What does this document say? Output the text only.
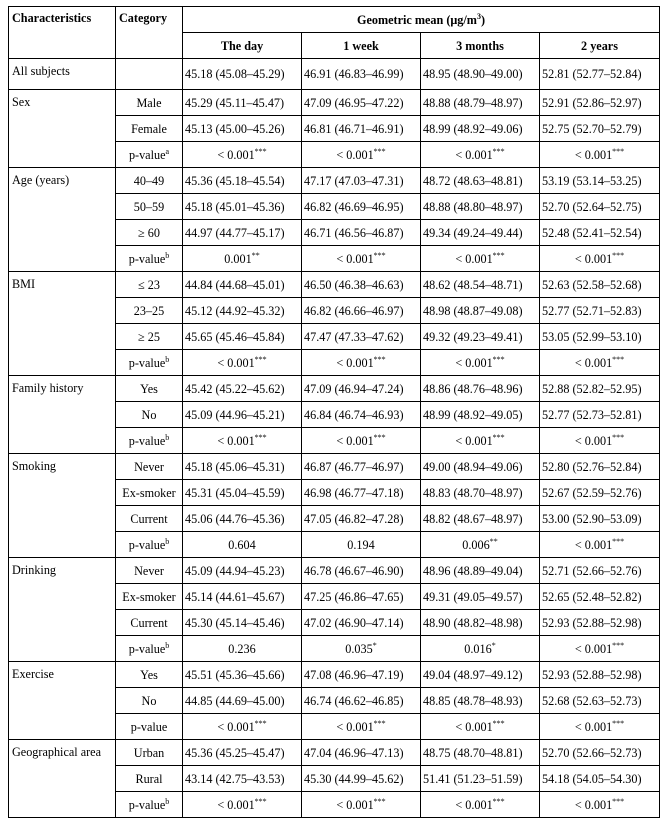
Characteristics	Category	Geometric mean $(\mu g/m^3)$			
		The day	1 week	3 months	2 years
All subjects		45.18 (45.08–45.29)	46.91 (46.83–46.99)	48.95 (48.90–49.00)	52.81 (52.77–52.84)
Sex	Male	45.29 (45.11–45.47)	47.09 (46.95–47.22)	48.88 (48.79–48.97)	52.91 (52.86–52.97)
	Female	45.13 (45.00–45.26)	46.81 (46.71–46.91)	48.99 (48.92–49.06)	52.75 (52.70–52.79)
	p-value$^a$	< 0.001***	< 0.001***	< 0.001***	< 0.001***
Age (years)	40–49	45.36 (45.18–45.54)	47.17 (47.03–47.31)	48.72 (48.63–48.81)	53.19 (53.14–53.25)
	50–59	45.18 (45.01–45.36)	46.82 (46.69–46.95)	48.88 (48.80–48.97)	52.70 (52.64–52.75)
	≥ 60	44.97 (44.77–45.17)	46.71 (46.56–46.87)	49.34 (49.24–49.44)	52.48 (52.41–52.54)
	p-value$^b$	0.001**	< 0.001***	< 0.001***	< 0.001***
BMI	≤ 23	44.84 (44.68–45.01)	46.50 (46.38–46.63)	48.62 (48.54–48.71)	52.63 (52.58–52.68)
	23–25	45.12 (44.92–45.32)	46.82 (46.66–46.97)	48.98 (48.87–49.08)	52.77 (52.71–52.83)
	≥ 25	45.65 (45.46–45.84)	47.47 (47.33–47.62)	49.32 (49.23–49.41)	53.05 (52.99–53.10)
	p-value$^b$	< 0.001***	< 0.001***	< 0.001***	< 0.001***
Family history	Yes	45.42 (45.22–45.62)	47.09 (46.94–47.24)	48.86 (48.76–48.96)	52.88 (52.82–52.95)
	No	45.09 (44.96–45.21)	46.84 (46.74–46.93)	48.99 (48.92–49.05)	52.77 (52.73–52.81)
	p-value$^b$	< 0.001***	< 0.001***	< 0.001***	< 0.001***
Smoking	Never	45.18 (45.06–45.31)	46.87 (46.77–46.97)	49.00 (48.94–49.06)	52.80 (52.76–52.84)
	Ex-smoker	45.31 (45.04–45.59)	46.98 (46.77–47.18)	48.83 (48.70–48.97)	52.67 (52.59–52.76)
	Current	45.06 (44.76–45.36)	47.05 (46.82–47.28)	48.82 (48.67–48.97)	53.00 (52.90–53.09)
	p-value$^b$	0.604	0.194	0.006**	< 0.001***
Drinking	Never	45.09 (44.94–45.23)	46.78 (46.67–46.90)	48.96 (48.89–49.04)	52.71 (52.66–52.76)
	Ex-smoker	45.14 (44.61–45.67)	47.25 (46.86–47.65)	49.31 (49.05–49.57)	52.65 (52.48–52.82)
	Current	45.30 (45.14–45.46)	47.02 (46.90–47.14)	48.90 (48.82–48.98)	52.93 (52.88–52.98)
	p-value$^b$	0.236	0.035*	0.016*	< 0.001***
Exercise	Yes	45.51 (45.36–45.66)	47.08 (46.96–47.19)	49.04 (48.97–49.12)	52.93 (52.88–52.98)
	No	44.85 (44.69–45.00)	46.74 (46.62–46.85)	48.85 (48.78–48.93)	52.68 (52.63–52.73)
	p-value	< 0.001***	< 0.001***	< 0.001***	< 0.001***
Geographical area	Urban	45.36 (45.25–45.47)	47.04 (46.96–47.13)	48.75 (48.70–48.81)	52.70 (52.66–52.73)
	Rural	43.14 (42.75–43.53)	45.30 (44.99–45.62)	51.41 (51.23–51.59)	54.18 (54.05–54.30)
	p-value$^b$	< 0.001***	< 0.001***	< 0.001***	< 0.001***
